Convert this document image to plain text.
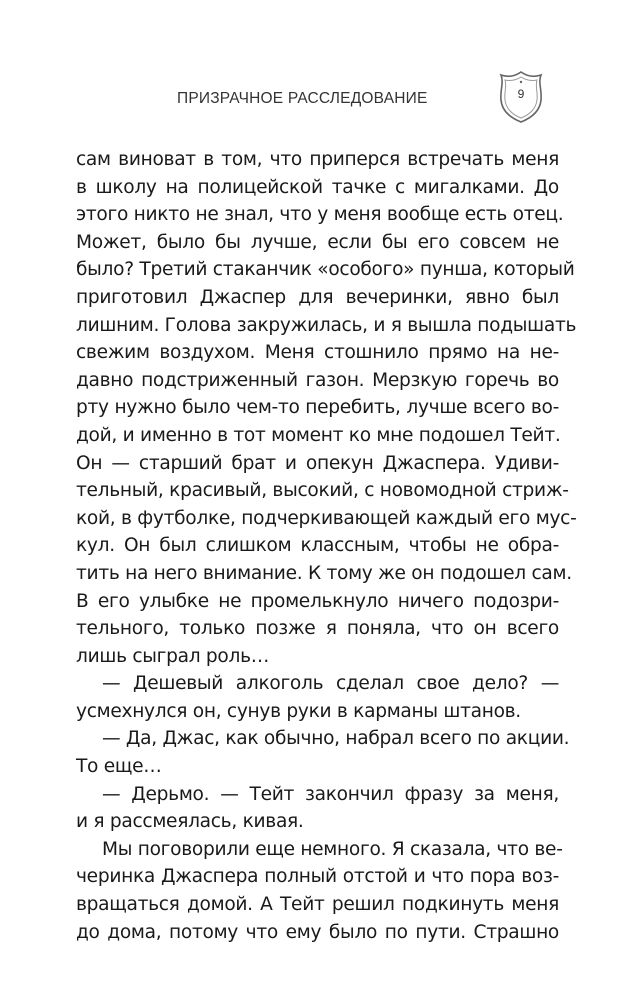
ПРИЗРАЧНОЕ РАССЛЕДОВАНИЕ	9
сам виноват в том, что приперся встречать меня
в школу на полицейской тачке с мигалками. До
этого никто не знал, что у меня вообще есть отец.
Может, было бы лучше, если бы его совсем не
было? Третий стаканчик «особого» пунша, который
приготовил Джаспер для вечеринки, явно был
лишним. Голова закружилась, и я вышла подышать
свежим воздухом. Меня стошнило прямо на не-
давно подстриженный газон. Мерзкую горечь во
рту нужно было чем-то перебить, лучше всего во-
дой, и именно в тот момент ко мне подошел Тейт.
Он — старший брат и опекун Джаспера. Удиви-
тельный, красивый, высокий, с новомодной стриж-
кой, в футболке, подчеркивающей каждый его мус-
кул. Он был слишком классным, чтобы не обра-
тить на него внимание. К тому же он подошел сам.
В его улыбке не промелькнуло ничего подозри-
тельного, только позже я поняла, что он всего
лишь сыграл роль…
— Дешевый алкоголь сделал свое дело? —
усмехнулся он, сунув руки в карманы штанов.
— Да, Джас, как обычно, набрал всего по акции.
То еще…
— Дерьмо. — Тейт закончил фразу за меня,
и я рассмеялась, кивая.
Мы поговорили еще немного. Я сказала, что ве-
черинка Джаспера полный отстой и что пора воз-
вращаться домой. А Тейт решил подкинуть меня
до дома, потому что ему было по пути. Страшно
